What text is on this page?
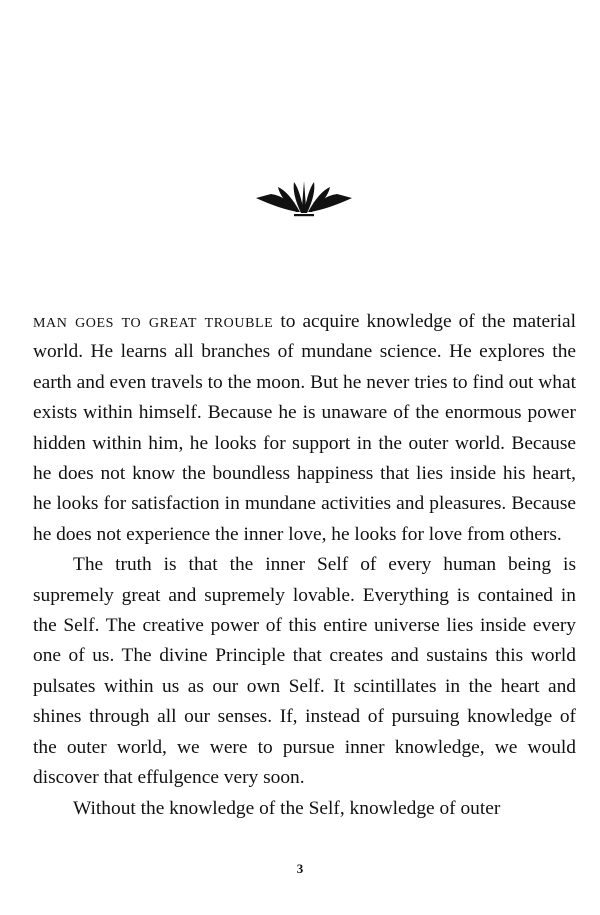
man goes to great trouble to acquire knowledge of the material world. He learns all branches of mundane science. He explores the earth and even travels to the moon. But he never tries to find out what exists within himself. Because he is unaware of the enormous power hidden within him, he looks for support in the outer world. Because he does not know the boundless happiness that lies inside his heart, he looks for satisfaction in mundane activities and pleasures. Because he does not experience the inner love, he looks for love from others.

The truth is that the inner Self of every human being is supremely great and supremely lovable. Everything is contained in the Self. The creative power of this entire universe lies inside every one of us. The divine Principle that creates and sustains this world pulsates within us as our own Self. It scintillates in the heart and shines through all our senses. If, instead of pursuing knowledge of the outer world, we were to pursue inner knowledge, we would discover that effulgence very soon.

Without the knowledge of the Self, knowledge of outer

3
